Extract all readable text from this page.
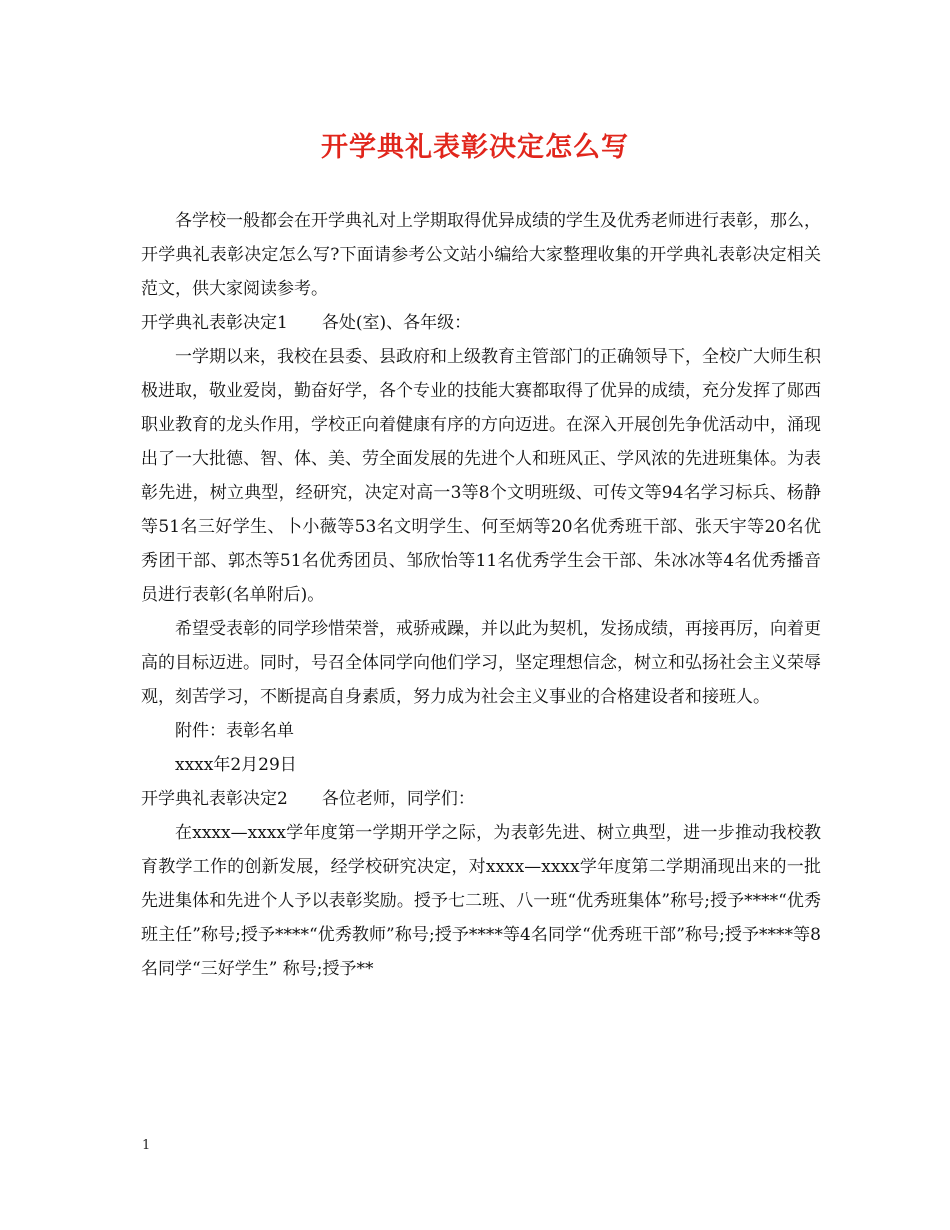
开学典礼表彰决定怎么写

各学校一般都会在开学典礼对上学期取得优异成绩的学生及优秀老师进行表彰，那么，开学典礼表彰决定怎么写?下面请参考公文站小编给大家整理收集的开学典礼表彰决定相关范文，供大家阅读参考。

开学典礼表彰决定1 各处(室)、各年级：

一学期以来，我校在县委、县政府和上级教育主管部门的正确领导下，全校广大师生积极进取，敬业爱岗，勤奋好学，各个专业的技能大赛都取得了优异的成绩，充分发挥了郧西职业教育的龙头作用，学校正向着健康有序的方向迈进。在深入开展创先争优活动中，涌现出了一大批德、智、体、美、劳全面发展的先进个人和班风正、学风浓的先进班集体。为表彰先进，树立典型，经研究，决定对高一3等8个文明班级、可传文等94名学习标兵、杨静等51名三好学生、卜小薇等53名文明学生、何至炳等20名优秀班干部、张天宇等20名优秀团干部、郭杰等51名优秀团员、邹欣怡等11名优秀学生会干部、朱冰冰等4名优秀播音员进行表彰(名单附后)。

希望受表彰的同学珍惜荣誉，戒骄戒躁，并以此为契机，发扬成绩，再接再厉，向着更高的目标迈进。同时，号召全体同学向他们学习，坚定理想信念，树立和弘扬社会主义荣辱观，刻苦学习，不断提高自身素质，努力成为社会主义事业的合格建设者和接班人。

附件：表彰名单

xxxx年2月29日

开学典礼表彰决定2 各位老师，同学们：

在xxxx—xxxx学年度第一学期开学之际，为表彰先进、树立典型，进一步推动我校教育教学工作的创新发展，经学校研究决定，对xxxx—xxxx学年度第二学期涌现出来的一批先进集体和先进个人予以表彰奖励。授予七二班、八一班“优秀班集体”称号;授予****“优秀班主任”称号;授予****“优秀教师”称号;授予****等4名同学“优秀班干部”称号;授予****等8名同学“三好学生” 称号;授予**

1
